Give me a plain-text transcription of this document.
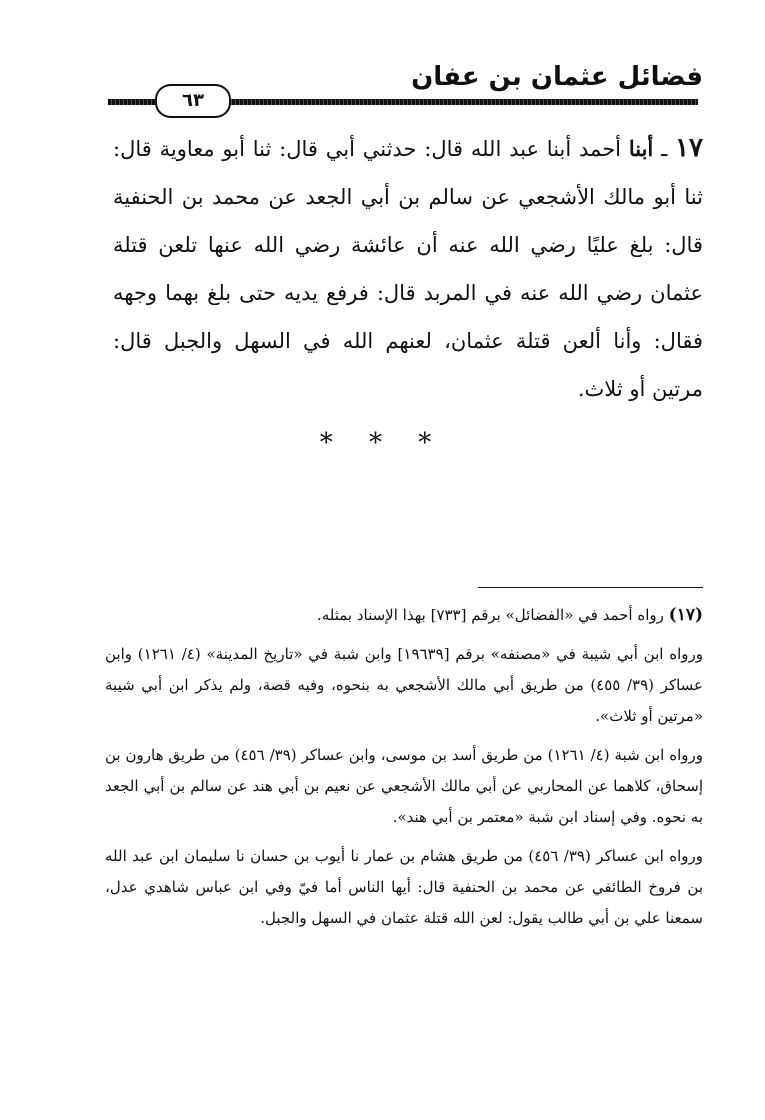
فضائل عثمان بن عفان
٦٣
١٧ ـ أبنا أحمد أبنا عبد الله قال: حدثني أبي قال: ثنا أبو معاوية قال: ثنا أبو مالك الأشجعي عن سالم بن أبي الجعد عن محمد بن الحنفية قال: بلغ عليًا رضي الله عنه أن عائشة رضي الله عنها تلعن قتلة عثمان رضي الله عنه في المربد قال: فرفع يديه حتى بلغ بهما وجهه فقال: وأنا ألعن قتلة عثمان، لعنهم الله في السهل والجبل قال: مرتين أو ثلاث.
* * *

(١٧) رواه أحمد في «الفضائل» برقم [٧٣٣] بهذا الإسناد بمثله.

ورواه ابن أبي شيبة في «مصنفه» برقم [١٩٦٣٩] وابن شبة في «تاريخ المدينة» (٤/ ١٢٦١) وابن عساكر (٣٩/ ٤٥٥) من طريق أبي مالك الأشجعي به بنحوه، وفيه قصة، ولم يذكر ابن أبي شيبة «مرتين أو ثلاث».

ورواه ابن شبة (٤/ ١٢٦١) من طريق أسد بن موسى، وابن عساكر (٣٩/ ٤٥٦) من طريق هارون بن إسحاق، كلاهما عن المحاربي عن أبي مالك الأشجعي عن نعيم بن أبي هند عن سالم بن أبي الجعد به نحوه. وفي إسناد ابن شبة «معتمر بن أبي هند».

ورواه ابن عساكر (٣٩/ ٤٥٦) من طريق هشام بن عمار نا أيوب بن حسان نا سليمان ابن عبد الله بن فروخ الطائفي عن محمد بن الحنفية قال: أيها الناس أما فيّ وفي ابن عباس شاهدي عدل، سمعنا علي بن أبي طالب يقول: لعن الله قتلة عثمان في السهل والجبل.
